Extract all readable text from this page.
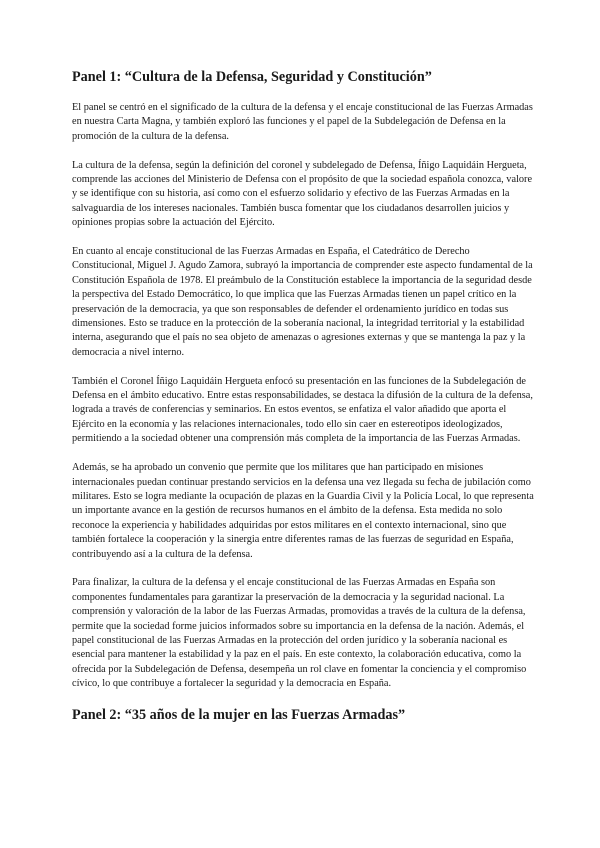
Panel 1: “Cultura de la Defensa, Seguridad y Constitución”

El panel se centró en el significado de la cultura de la defensa y el encaje constitucional de las Fuerzas Armadas en nuestra Carta Magna, y también exploró las funciones y el papel de la Subdelegación de Defensa en la promoción de la cultura de la defensa.

La cultura de la defensa, según la definición del coronel y subdelegado de Defensa, Íñigo Laquidáin Hergueta, comprende las acciones del Ministerio de Defensa con el propósito de que la sociedad española conozca, valore y se identifique con su historia, así como con el esfuerzo solidario y efectivo de las Fuerzas Armadas en la salvaguardia de los intereses nacionales. También busca fomentar que los ciudadanos desarrollen juicios y opiniones propias sobre la actuación del Ejército.

En cuanto al encaje constitucional de las Fuerzas Armadas en España, el Catedrático de Derecho Constitucional, Miguel J. Agudo Zamora, subrayó la importancia de comprender este aspecto fundamental de la Constitución Española de 1978. El preámbulo de la Constitución establece la importancia de la seguridad desde la perspectiva del Estado Democrático, lo que implica que las Fuerzas Armadas tienen un papel crítico en la preservación de la democracia, ya que son responsables de defender el ordenamiento jurídico en todas sus dimensiones. Esto se traduce en la protección de la soberanía nacional, la integridad territorial y la estabilidad interna, asegurando que el país no sea objeto de amenazas o agresiones externas y que se mantenga la paz y la democracia a nivel interno.

También el Coronel Íñigo Laquidáin Hergueta enfocó su presentación en las funciones de la Subdelegación de Defensa en el ámbito educativo. Entre estas responsabilidades, se destaca la difusión de la cultura de la defensa, lograda a través de conferencias y seminarios. En estos eventos, se enfatiza el valor añadido que aporta el Ejército en la economía y las relaciones internacionales, todo ello sin caer en estereotipos ideologizados, permitiendo a la sociedad obtener una comprensión más completa de la importancia de las Fuerzas Armadas.

Además, se ha aprobado un convenio que permite que los militares que han participado en misiones internacionales puedan continuar prestando servicios en la defensa una vez llegada su fecha de jubilación como militares. Esto se logra mediante la ocupación de plazas en la Guardia Civil y la Policía Local, lo que representa un importante avance en la gestión de recursos humanos en el ámbito de la defensa. Esta medida no solo reconoce la experiencia y habilidades adquiridas por estos militares en el contexto internacional, sino que también fortalece la cooperación y la sinergia entre diferentes ramas de las fuerzas de seguridad en España, contribuyendo así a la cultura de la defensa.

Para finalizar, la cultura de la defensa y el encaje constitucional de las Fuerzas Armadas en España son componentes fundamentales para garantizar la preservación de la democracia y la seguridad nacional. La comprensión y valoración de la labor de las Fuerzas Armadas, promovidas a través de la cultura de la defensa, permite que la sociedad forme juicios informados sobre su importancia en la defensa de la nación. Además, el papel constitucional de las Fuerzas Armadas en la protección del orden jurídico y la soberanía nacional es esencial para mantener la estabilidad y la paz en el país. En este contexto, la colaboración educativa, como la ofrecida por la Subdelegación de Defensa, desempeña un rol clave en fomentar la conciencia y el compromiso cívico, lo que contribuye a fortalecer la seguridad y la democracia en España.

Panel 2: “35 años de la mujer en las Fuerzas Armadas”
